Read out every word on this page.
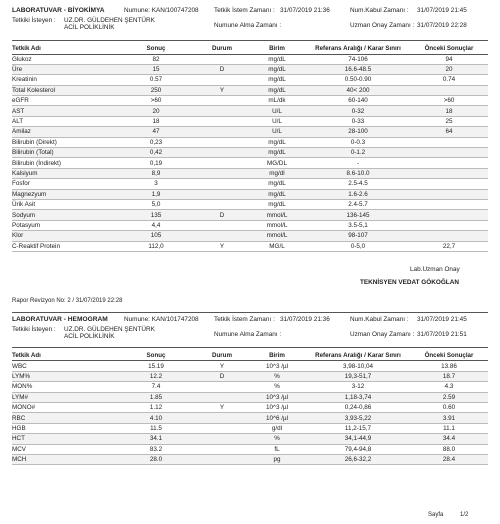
LABORATUVAR - BİYOKİMYA	Numune: KAN/100747208 Tetkik İstem Zamanı : 31/07/2019 21:36	Num.Kabul Zamanı : 31/07/2019 21:45
Tetkiki İsteyen : UZ.DR. GÜLDEHEN ŞENTÜRK
ACİL POLİKLİNİK	Numune Alma Zamanı :	Uzman Onay Zamanı : 31/07/2019 22:28
Tetkik Adı	Sonuç	Durum	Birim	Referans Aralığı / Karar Sınırı	Önceki Sonuçlar
Glukoz	82		mg/dL	74-106	94
Üre	15	D	mg/dL	16.6-48.5	20
Kreatinin	0.57		mg/dL	0.50-0.90	0.74
Total Kolesterol	250	Y	mg/dL	40< 200	
eGFR	>60		mL/dk	60-140	>60
AST	20		U/L	0-32	18
ALT	18		U/L	0-33	25
Amilaz	47		U/L	28-100	64
Bilirubin (Direkt)	0,23		mg/dL	0-0.3	
Bilirubin (Total)	0,42		mg/dL	0-1.2	
Bilirubin (İndirekt)	0,19		MG/DL	-	
Kalsiyum	8,9		mg/dl	8.6-10.0	
Fosfor	3		mg/dL	2.5-4.5	
Magnezyum	1,9		mg/dL	1.6-2.6	
Ürik Asit	5,0		mg/dL	2.4-5.7	
Sodyum	135	D	mmol/L	136-145	
Potasyum	4,4		mmol/L	3.5-5,1	
Klor	105		mmol/L	98-107	
C-Reaktif Protein	112,0	Y	MG/L	0-5,0	22,7
Lab.Uzman Onay
TEKNİSYEN VEDAT GÖKOĞLAN
Rapor Revizyon No: 2 / 31/07/2019 22:28
LABORATUVAR - HEMOGRAM	Numune: KAN/101747208 Tetkik İstem Zamanı : 31/07/2019 21:36	Num.Kabul Zamanı : 31/07/2019 21:45
Tetkiki İsteyen : UZ.DR. GÜLDEHEN ŞENTÜRK
ACİL POLİKLİNİK	Numune Alma Zamanı :	Uzman Onay Zamanı : 31/07/2019 21:51
Tetkik Adı	Sonuç	Durum	Birim	Referans Aralığı / Karar Sınırı	Önceki Sonuçlar
WBC	15.19	Y	10^3 /µl	3,98-10,04	13.86
LYM%	12.2	D	%	19,3-51,7	18.7
MON%	7.4		%	3-12	4.3
LYM#	1.85		10^3 /µl	1,18-3,74	2.59
MONO#	1.12	Y	10^3 /µl	0,24-0,86	0.60
RBC	4.10		10^6 /µl	3,93-5,22	3.91
HGB	11.5		g/dl	11,2-15,7	11.1
HCT	34.1		%	34,1-44,9	34.4
MCV	83.2		fL	79,4-94,8	88.0
MCH	28.0		pg	26,6-32,2	28.4
Sayfa	1/2
